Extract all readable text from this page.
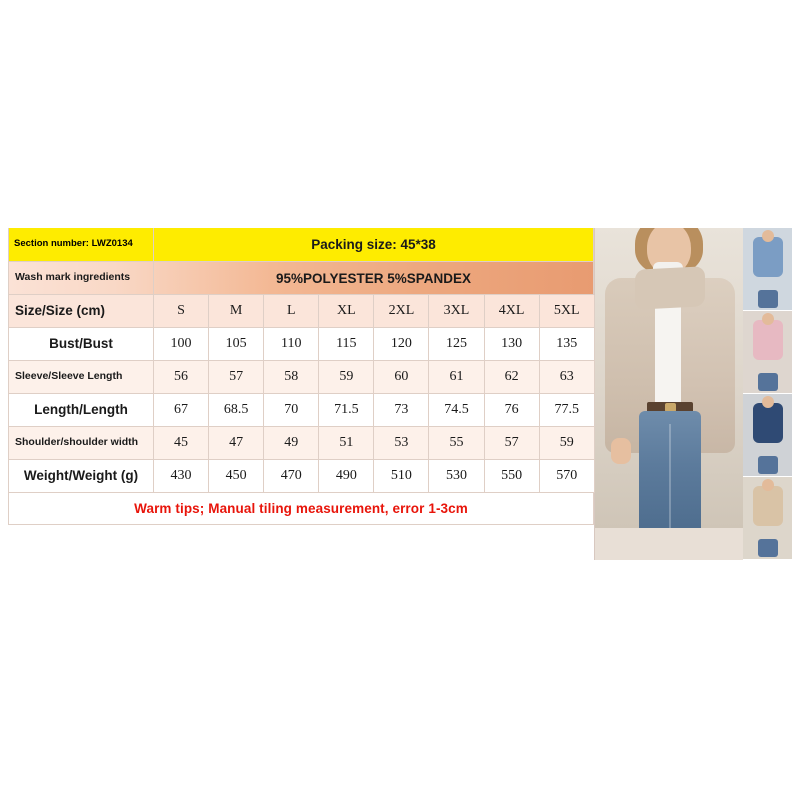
Section number: LWZ0134	Packing size: 45*38
Wash mark ingredients	95%POLYESTER 5%SPANDEX
Size/Size (cm)	S	M	L	XL	2XL	3XL	4XL	5XL
Bust/Bust	100	105	110	115	120	125	130	135
Sleeve/Sleeve Length	56	57	58	59	60	61	62	63
Length/Length	67	68.5	70	71.5	73	74.5	76	77.5
Shoulder/shoulder width	45	47	49	51	53	55	57	59
Weight/Weight (g)	430	450	470	490	510	530	550	570
Warm tips; Manual tiling measurement, error 1-3cm
